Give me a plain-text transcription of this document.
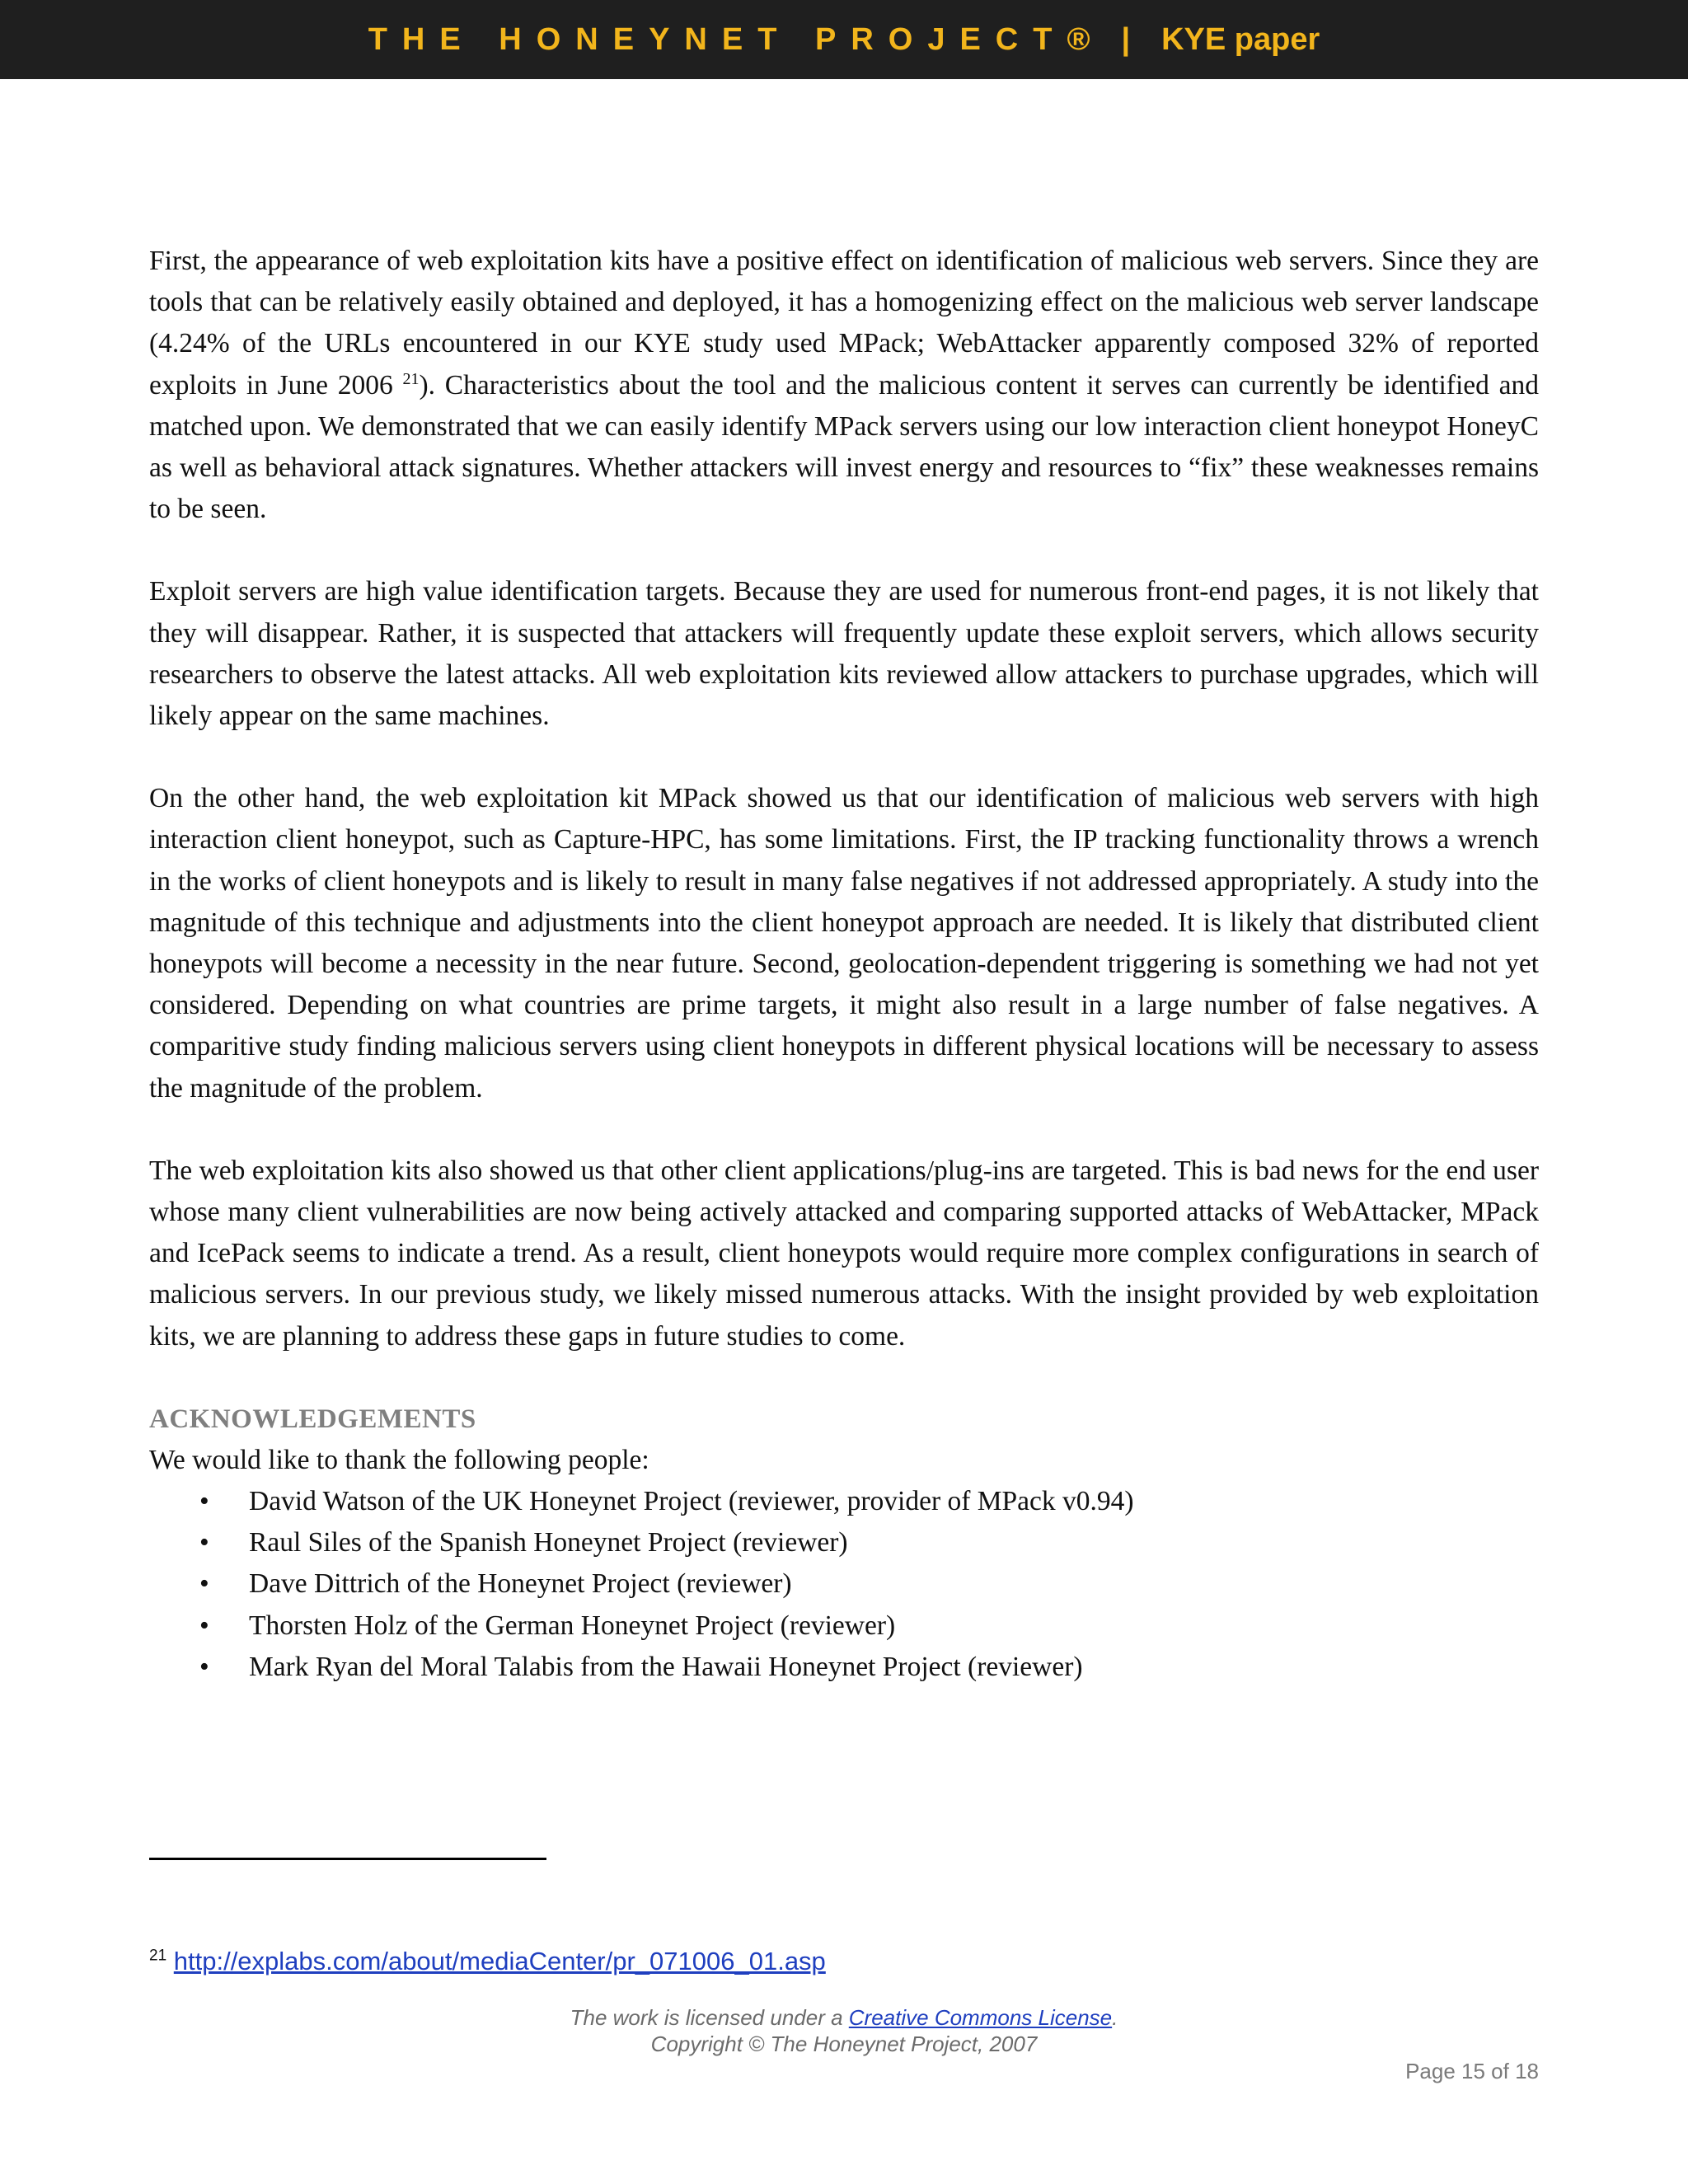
THE HONEYNET PROJECT® | KYE paper

First, the appearance of web exploitation kits have a positive effect on identification of malicious web servers. Since they are tools that can be relatively easily obtained and deployed, it has a homogenizing effect on the malicious web server landscape (4.24% of the URLs encountered in our KYE study used MPack; WebAttacker apparently composed 32% of reported exploits in June 2006 $^{21}$). Characteristics about the tool and the malicious content it serves can currently be identified and matched upon. We demonstrated that we can easily identify MPack servers using our low interaction client honeypot HoneyC as well as behavioral attack signatures. Whether attackers will invest energy and resources to “fix” these weaknesses remains to be seen.

Exploit servers are high value identification targets. Because they are used for numerous front-end pages, it is not likely that they will disappear. Rather, it is suspected that attackers will frequently update these exploit servers, which allows security researchers to observe the latest attacks. All web exploitation kits reviewed allow attackers to purchase upgrades, which will likely appear on the same machines.

On the other hand, the web exploitation kit MPack showed us that our identification of malicious web servers with high interaction client honeypot, such as Capture-HPC, has some limitations. First, the IP tracking functionality throws a wrench in the works of client honeypots and is likely to result in many false negatives if not addressed appropriately. A study into the magnitude of this technique and adjustments into the client honeypot approach are needed. It is likely that distributed client honeypots will become a necessity in the near future. Second, geolocation-dependent triggering is something we had not yet considered. Depending on what countries are prime targets, it might also result in a large number of false negatives. A comparitive study finding malicious servers using client honeypots in different physical locations will be necessary to assess the magnitude of the problem.

The web exploitation kits also showed us that other client applications/plug-ins are targeted. This is bad news for the end user whose many client vulnerabilities are now being actively attacked and comparing supported attacks of WebAttacker, MPack and IcePack seems to indicate a trend. As a result, client honeypots would require more complex configurations in search of malicious servers. In our previous study, we likely missed numerous attacks. With the insight provided by web exploitation kits, we are planning to address these gaps in future studies to come.

ACKNOWLEDGEMENTS
We would like to thank the following people:
• David Watson of the UK Honeynet Project (reviewer, provider of MPack v0.94)
• Raul Siles of the Spanish Honeynet Project (reviewer)
• Dave Dittrich of the Honeynet Project (reviewer)
• Thorsten Holz of the German Honeynet Project (reviewer)
• Mark Ryan del Moral Talabis from the Hawaii Honeynet Project (reviewer)
$^{21}$ http://explabs.com/about/mediaCenter/pr_071006_01.asp
The work is licensed under a Creative Commons License.
Copyright © The Honeynet Project, 2007
Page 15 of 18
